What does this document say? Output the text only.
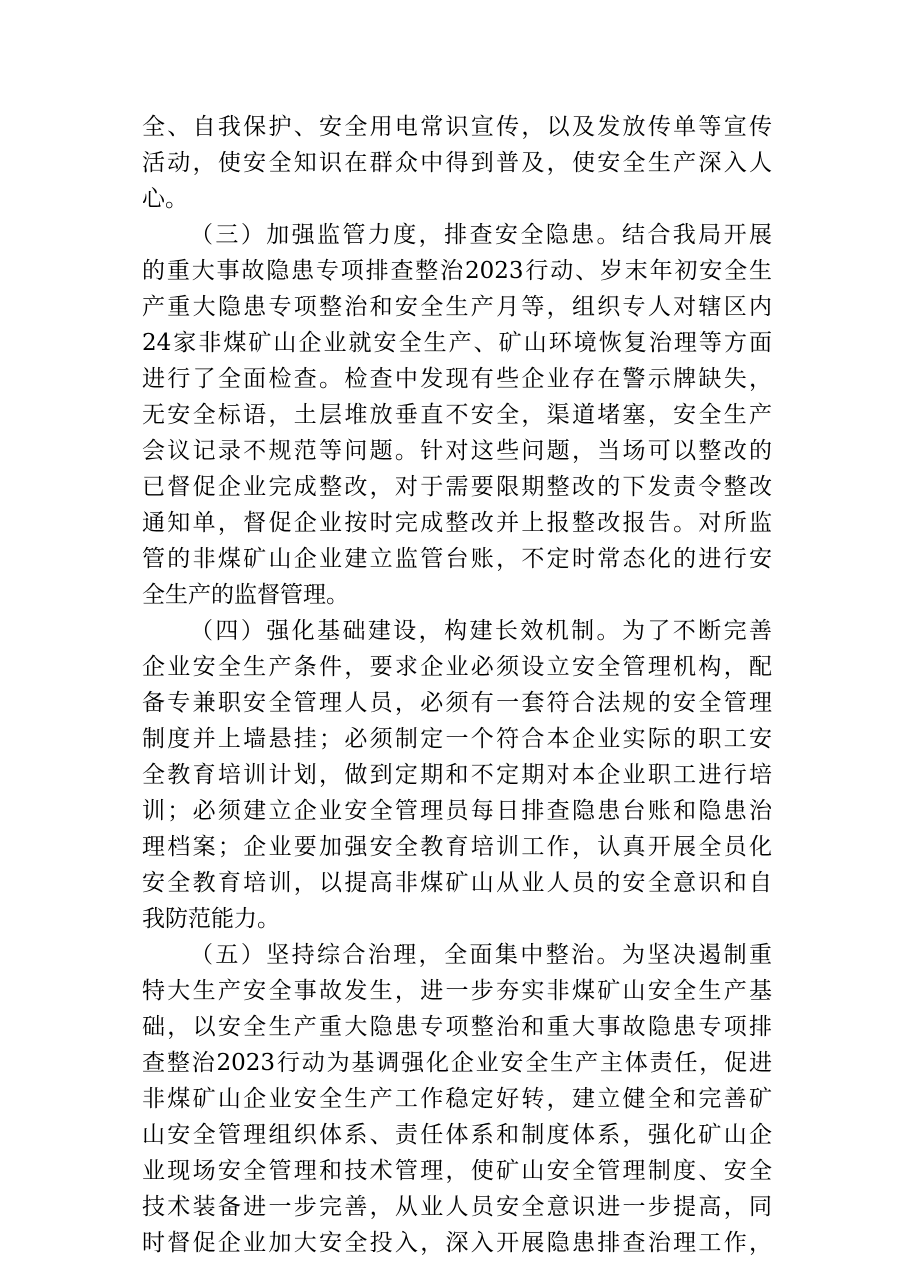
全、自我保护、安全用电常识宣传，以及发放传单等宣传
活动，使安全知识在群众中得到普及，使安全生产深入人
心。
（三）加强监管力度，排查安全隐患。结合我局开展
的重大事故隐患专项排查整治2023行动、岁末年初安全生
产重大隐患专项整治和安全生产月等，组织专人对辖区内
24家非煤矿山企业就安全生产、矿山环境恢复治理等方面
进行了全面检查。检查中发现有些企业存在警示牌缺失，
无安全标语，土层堆放垂直不安全，渠道堵塞，安全生产
会议记录不规范等问题。针对这些问题，当场可以整改的
已督促企业完成整改，对于需要限期整改的下发责令整改
通知单，督促企业按时完成整改并上报整改报告。对所监
管的非煤矿山企业建立监管台账，不定时常态化的进行安
全生产的监督管理。
（四）强化基础建设，构建长效机制。为了不断完善
企业安全生产条件，要求企业必须设立安全管理机构，配
备专兼职安全管理人员，必须有一套符合法规的安全管理
制度并上墙悬挂；必须制定一个符合本企业实际的职工安
全教育培训计划，做到定期和不定期对本企业职工进行培
训；必须建立企业安全管理员每日排查隐患台账和隐患治
理档案；企业要加强安全教育培训工作，认真开展全员化
安全教育培训，以提高非煤矿山从业人员的安全意识和自
我防范能力。
（五）坚持综合治理，全面集中整治。为坚决遏制重
特大生产安全事故发生，进一步夯实非煤矿山安全生产基
础，以安全生产重大隐患专项整治和重大事故隐患专项排
查整治2023行动为基调强化企业安全生产主体责任，促进
非煤矿山企业安全生产工作稳定好转，建立健全和完善矿
山安全管理组织体系、责任体系和制度体系，强化矿山企
业现场安全管理和技术管理，使矿山安全管理制度、安全
技术装备进一步完善，从业人员安全意识进一步提高，同
时督促企业加大安全投入，深入开展隐患排查治理工作，
